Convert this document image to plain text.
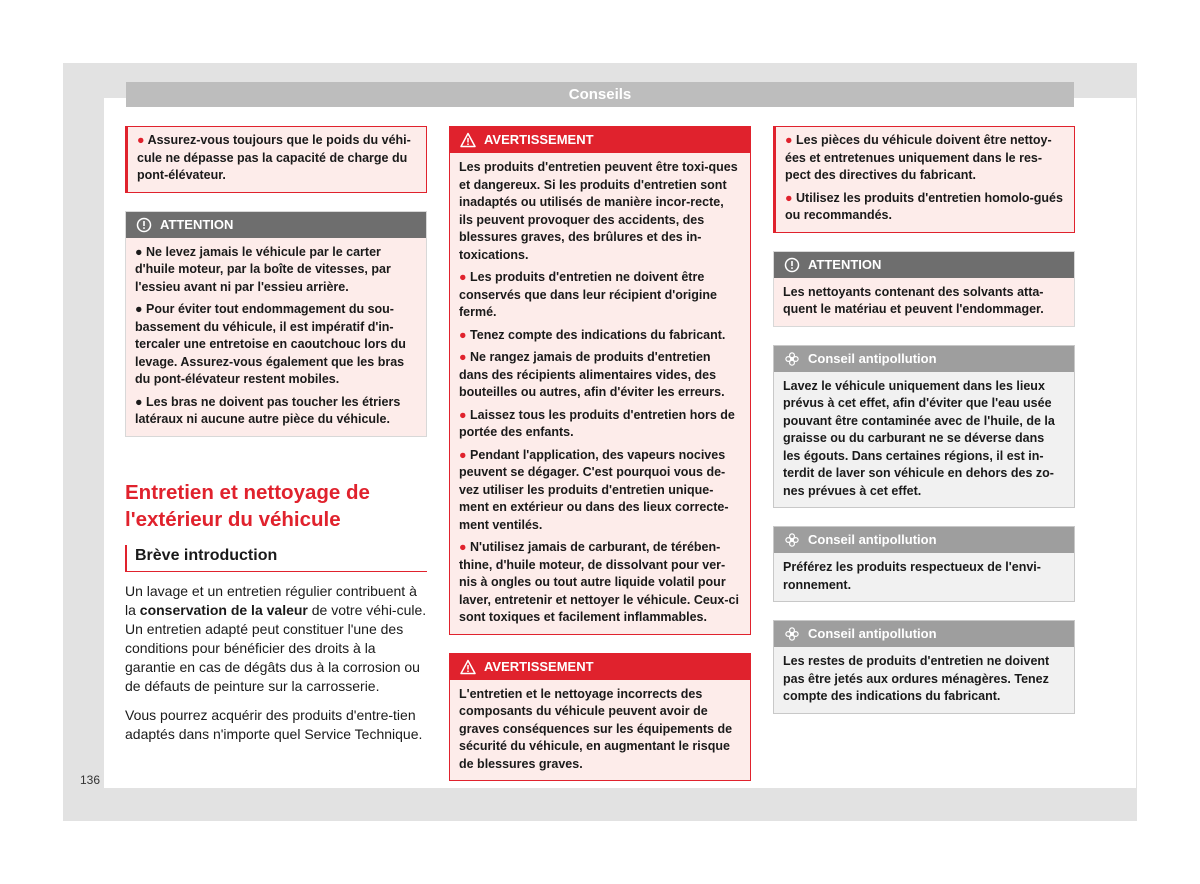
Conseils

● Assurez-vous toujours que le poids du véhi-cule ne dépasse pas la capacité de charge du pont-élévateur.

ATTENTION

● Ne levez jamais le véhicule par le carter d'huile moteur, par la boîte de vitesses, par l'essieu avant ni par l'essieu arrière.

● Pour éviter tout endommagement du sou-bassement du véhicule, il est impératif d'in-tercaler une entretoise en caoutchouc lors du levage. Assurez-vous également que les bras du pont-élévateur restent mobiles.

● Les bras ne doivent pas toucher les étriers latéraux ni aucune autre pièce du véhicule.

Entretien et nettoyage de l'extérieur du véhicule
Brève introduction

Un lavage et un entretien régulier contribuent à la conservation de la valeur de votre véhi-cule. Un entretien adapté peut constituer l'une des conditions pour bénéficier des droits à la garantie en cas de dégâts dus à la corrosion ou de défauts de peinture sur la carrosserie.

Vous pourrez acquérir des produits d'entre-tien adaptés dans n'importe quel Service Technique.

AVERTISSEMENT

Les produits d'entretien peuvent être toxi-ques et dangereux. Si les produits d'entretien sont inadaptés ou utilisés de manière incor-recte, ils peuvent provoquer des accidents, des blessures graves, des brûlures et des in-toxications.

● Les produits d'entretien ne doivent être conservés que dans leur récipient d'origine fermé.

● Tenez compte des indications du fabricant.

● Ne rangez jamais de produits d'entretien dans des récipients alimentaires vides, des bouteilles ou autres, afin d'éviter les erreurs.

● Laissez tous les produits d'entretien hors de portée des enfants.

● Pendant l'application, des vapeurs nocives peuvent se dégager. C'est pourquoi vous de-vez utiliser les produits d'entretien unique-ment en extérieur ou dans des lieux correcte-ment ventilés.

● N'utilisez jamais de carburant, de térében-thine, d'huile moteur, de dissolvant pour ver-nis à ongles ou tout autre liquide volatil pour laver, entretenir et nettoyer le véhicule. Ceux-ci sont toxiques et facilement inflammables.

AVERTISSEMENT

L'entretien et le nettoyage incorrects des composants du véhicule peuvent avoir de graves conséquences sur les équipements de sécurité du véhicule, en augmentant le risque de blessures graves.

● Les pièces du véhicule doivent être nettoy-ées et entretenues uniquement dans le res-pect des directives du fabricant.

● Utilisez les produits d'entretien homolo-gués ou recommandés.

ATTENTION

Les nettoyants contenant des solvants atta-quent le matériau et peuvent l'endommager.

Conseil antipollution

Lavez le véhicule uniquement dans les lieux prévus à cet effet, afin d'éviter que l'eau usée pouvant être contaminée avec de l'huile, de la graisse ou du carburant ne se déverse dans les égouts. Dans certaines régions, il est in-terdit de laver son véhicule en dehors des zo-nes prévues à cet effet.

Conseil antipollution

Préférez les produits respectueux de l'envi-ronnement.

Conseil antipollution

Les restes de produits d'entretien ne doivent pas être jetés aux ordures ménagères. Tenez compte des indications du fabricant.

136
